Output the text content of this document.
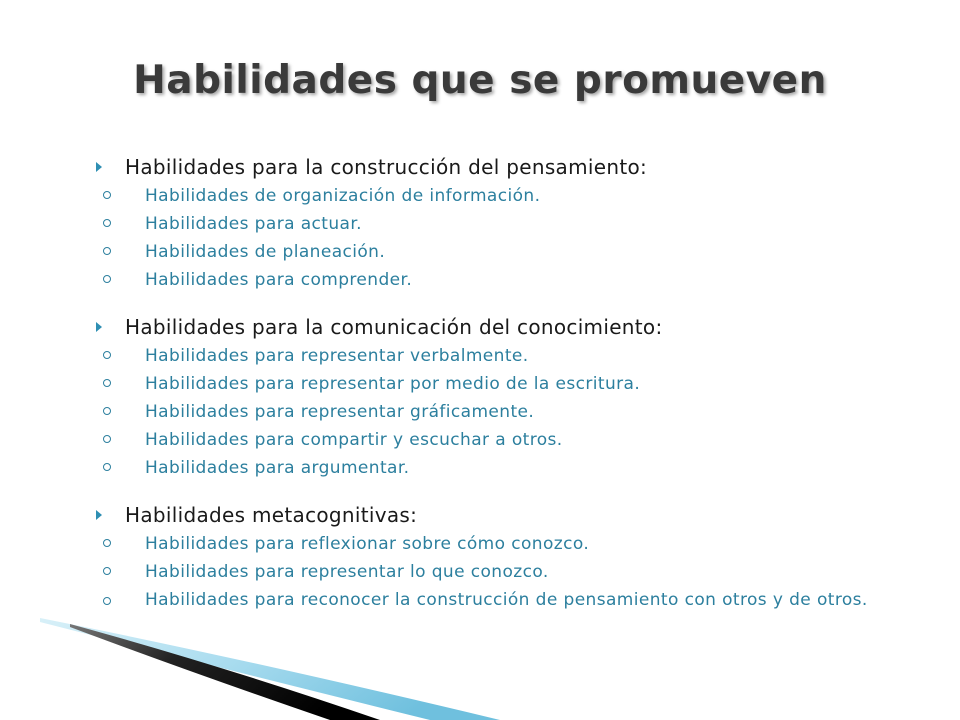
Habilidades que se promueven
Habilidades para la construcción del pensamiento:
Habilidades de organización de información.
Habilidades para actuar.
Habilidades de planeación.
Habilidades para comprender.
Habilidades para la comunicación del conocimiento:
Habilidades para representar verbalmente.
Habilidades para representar por medio de la escritura.
Habilidades para representar gráficamente.
Habilidades para compartir y escuchar a otros.
Habilidades para argumentar.
Habilidades metacognitivas:
Habilidades para reflexionar sobre cómo conozco.
Habilidades para representar lo que conozco.
Habilidades para reconocer la construcción de pensamiento con otros y de otros.
